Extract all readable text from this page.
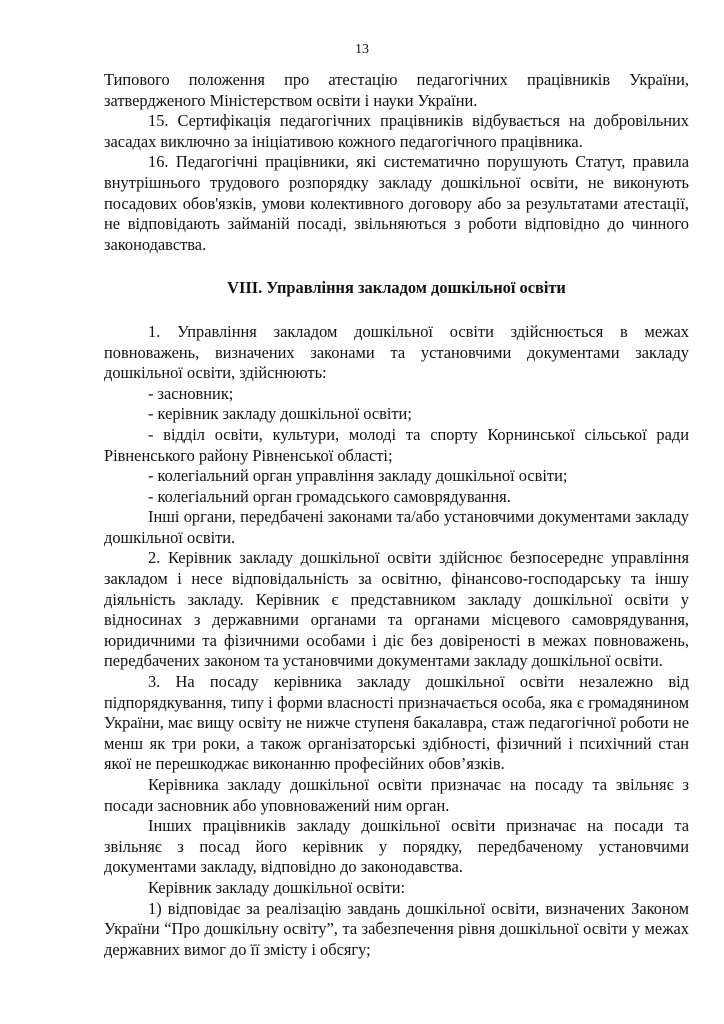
13

Типового положення про атестацію педагогічних працівників України, затвердженого Міністерством освіти і науки України.

15. Сертифікація педагогічних працівників відбувається на добровільних засадах виключно за ініціативою кожного педагогічного працівника.

16. Педагогічні працівники, які систематично порушують Статут, правила внутрішнього трудового розпорядку закладу дошкільної освіти, не виконують посадових обов'язків, умови колективного договору або за результатами атестації, не відповідають займаній посаді, звільняються з роботи відповідно до чинного законодавства.

VIII. Управління закладом дошкільної освіти

1. Управління закладом дошкільної освіти здійснюється в межах повноважень, визначених законами та установчими документами закладу дошкільної освіти, здійснюють:

- засновник;

- керівник закладу дошкільної освіти;

- відділ освіти, культури, молоді та спорту Корнинської сільської ради Рівненського району Рівненської області;

- колегіальний орган управління закладу дошкільної освіти;

- колегіальний орган громадського самоврядування.

Інші органи, передбачені законами та/або установчими документами закладу дошкільної освіти.

2. Керівник закладу дошкільної освіти здійснює безпосереднє управління закладом і несе відповідальність за освітню, фінансово-господарську та іншу діяльність закладу. Керівник є представником закладу дошкільної освіти у відносинах з державними органами та органами місцевого самоврядування, юридичними та фізичними особами і діє без довіреності в межах повноважень, передбачених законом та установчими документами закладу дошкільної освіти.

3. На посаду керівника закладу дошкільної освіти незалежно від підпорядкування, типу і форми власності призначається особа, яка є громадянином України, має вищу освіту не нижче ступеня бакалавра, стаж педагогічної роботи не менш як три роки, а також організаторські здібності, фізичний і психічний стан якої не перешкоджає виконанню професійних обов’язків.

Керівника закладу дошкільної освіти призначає на посаду та звільняє з посади засновник або уповноважений ним орган.

Інших працівників закладу дошкільної освіти призначає на посади та звільняє з посад його керівник у порядку, передбаченому установчими документами закладу, відповідно до законодавства.

Керівник закладу дошкільної освіти:

1) відповідає за реалізацію завдань дошкільної освіти, визначених Законом України “Про дошкільну освіту”, та забезпечення рівня дошкільної освіти у межах державних вимог до її змісту і обсягу;
